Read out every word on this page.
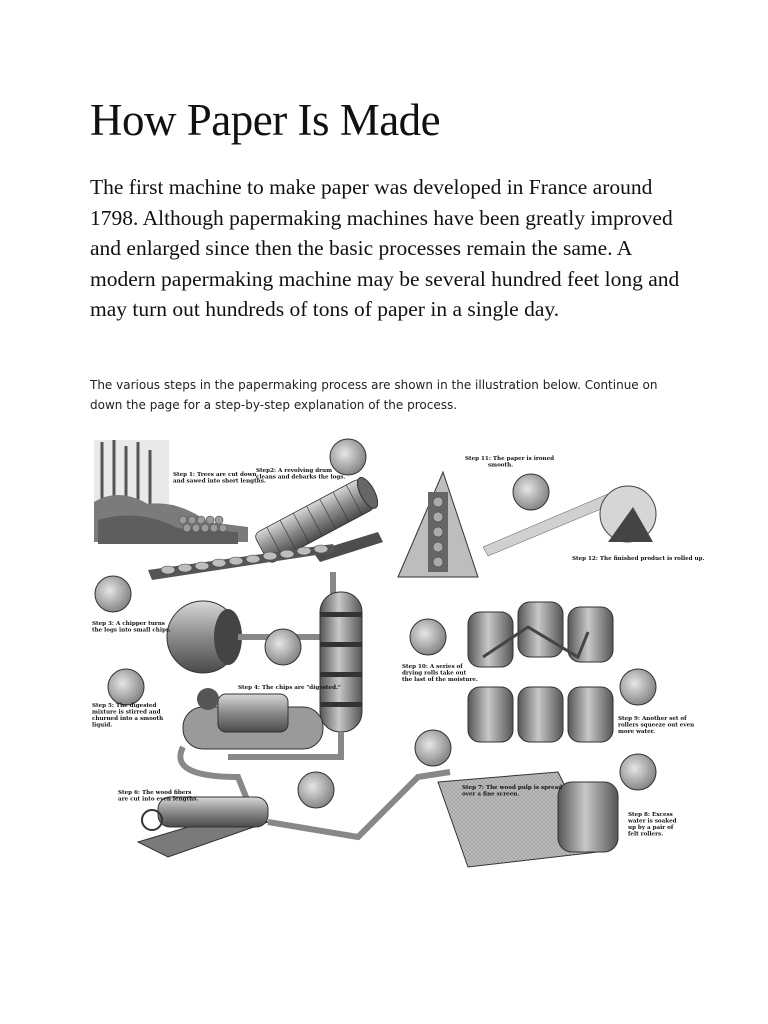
How Paper Is Made

The first machine to make paper was developed in France around 1798. Although papermaking machines have been greatly improved and enlarged since then the basic processes remain the same. A modern papermaking machine may be several hundred feet long and may turn out hundreds of tons of paper in a single day.

The various steps in the papermaking process are shown in the illustration below. Continue on down the page for a step-by-step explanation of the process.

Step 1: Trees are cut down and sawed into short lengths.
Step2: A revolving drum cleans and debarks the logs.
Step 3: A chipper turns the logs into small chips.
Step 4: The chips are "digested."
Step 5: The digested mixture is stirred and churned into a smooth liquid.
Step 6: The wood fibers are cut into even lengths.
Step 7: The wood pulp is spread over a fine screen.
Step 8: Excess water is soaked up by a pair of felt rollers.
Step 9: Another set of rollers squeeze out even more water.
Step 10: A series of drying rolls take out the last of the moisture.
Step 11: The paper is ironed smooth.
Step 12: The finished product is rolled up.
